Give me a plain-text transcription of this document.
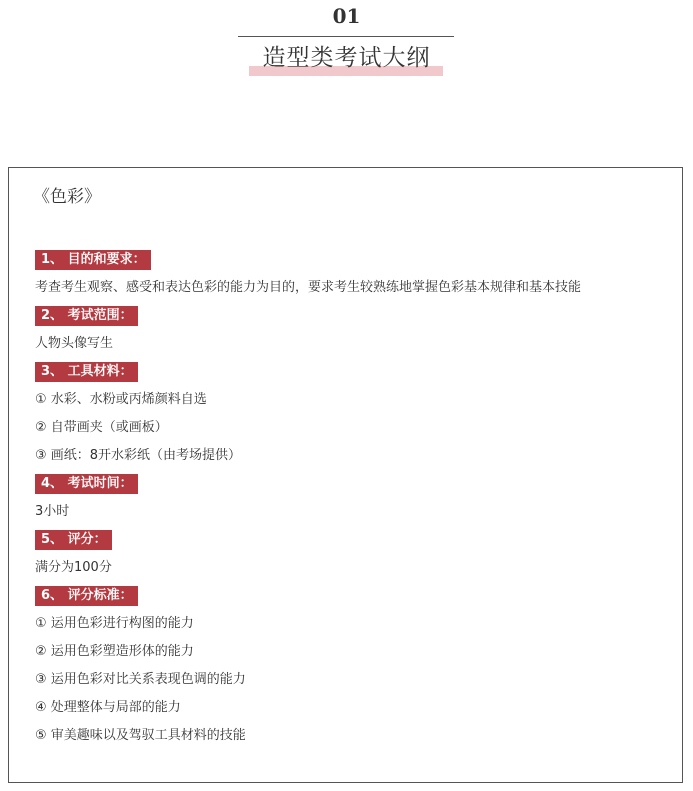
01
造型类考试大纲
《色彩》
1、 目的和要求：
考查考生观察、感受和表达色彩的能力为目的，要求考生较熟练地掌握色彩基本规律和基本技能
2、 考试范围：
人物头像写生
3、 工具材料：
① 水彩、水粉或丙烯颜料自选
② 自带画夹（或画板）
③ 画纸：8开水彩纸（由考场提供）
4、 考试时间：
3小时
5、 评分：
满分为100分
6、 评分标准：
① 运用色彩进行构图的能力
② 运用色彩塑造形体的能力
③ 运用色彩对比关系表现色调的能力
④ 处理整体与局部的能力
⑤ 审美趣味以及驾驭工具材料的技能
